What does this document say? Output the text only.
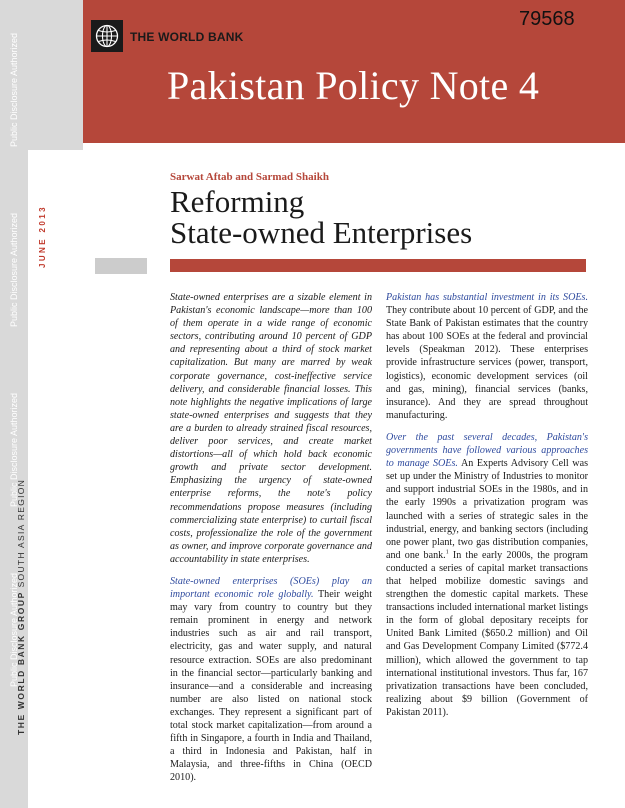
Public Disclosure Authorized
Public Disclosure Authorized
Public Disclosure Authorized
Public Disclosure Authorized
JUNE 2013
THE WORLD BANK GROUP SOUTH ASIA REGION
THE WORLD BANK
79568
Pakistan Policy Note 4
Sarwat Aftab and Sarmad Shaikh
Reforming
State-owned Enterprises

State-owned enterprises are a sizable element in Pakistan's economic landscape—more than 100 of them operate in a wide range of economic sectors, contributing around 10 percent of GDP and representing about a third of stock market capitalization. But many are marred by weak corporate governance, cost-ineffective service delivery, and considerable financial losses. This note highlights the negative implications of large state-owned enterprises and suggests that they are a burden to already strained fiscal resources, deliver poor services, and create market distortions—all of which hold back economic growth and private sector development. Emphasizing the urgency of state-owned enterprise reforms, the note's policy recommendations propose measures (including commercializing state enterprise) to curtail fiscal costs, professionalize the role of the government as owner, and improve corporate governance and accountability in state enterprises.

State-owned enterprises (SOEs) play an important economic role globally. Their weight may vary from country to country but they remain prominent in energy and network industries such as air and rail transport, electricity, gas and water supply, and natural resource extraction. SOEs are also predominant in the financial sector—particularly banking and insurance—and a considerable and increasing number are also listed on national stock exchanges. They represent a significant part of total stock market capitalization—from around a fifth in Singapore, a fourth in India and Thailand, a third in Indonesia and Pakistan, half in Malaysia, and three-fifths in China (OECD 2010).

Pakistan has substantial investment in its SOEs. They contribute about 10 percent of GDP, and the State Bank of Pakistan estimates that the country has about 100 SOEs at the federal and provincial levels (Speakman 2012). These enterprises provide infrastructure services (power, transport, logistics), economic development services (oil and gas, mining), financial services (banks, insurance). And they are spread throughout manufacturing.

Over the past several decades, Pakistan's governments have followed various approaches to manage SOEs. An Experts Advisory Cell was set up under the Ministry of Industries to monitor and support industrial SOEs in the 1980s, and in the early 1990s a privatization program was launched with a series of strategic sales in the industrial, energy, and banking sectors (including one power plant, two gas distribution companies, and one bank.$^1$ In the early 2000s, the program conducted a series of capital market transactions that helped mobilize domestic savings and strengthen the domestic capital markets. These transactions included international market listings in the form of global depositary receipts for United Bank Limited ($650.2 million) and Oil and Gas Development Company Limited ($772.4 million), which allowed the government to tap international institutional investors. Thus far, 167 privatization transactions have been concluded, realizing about $9 billion (Government of Pakistan 2011).
